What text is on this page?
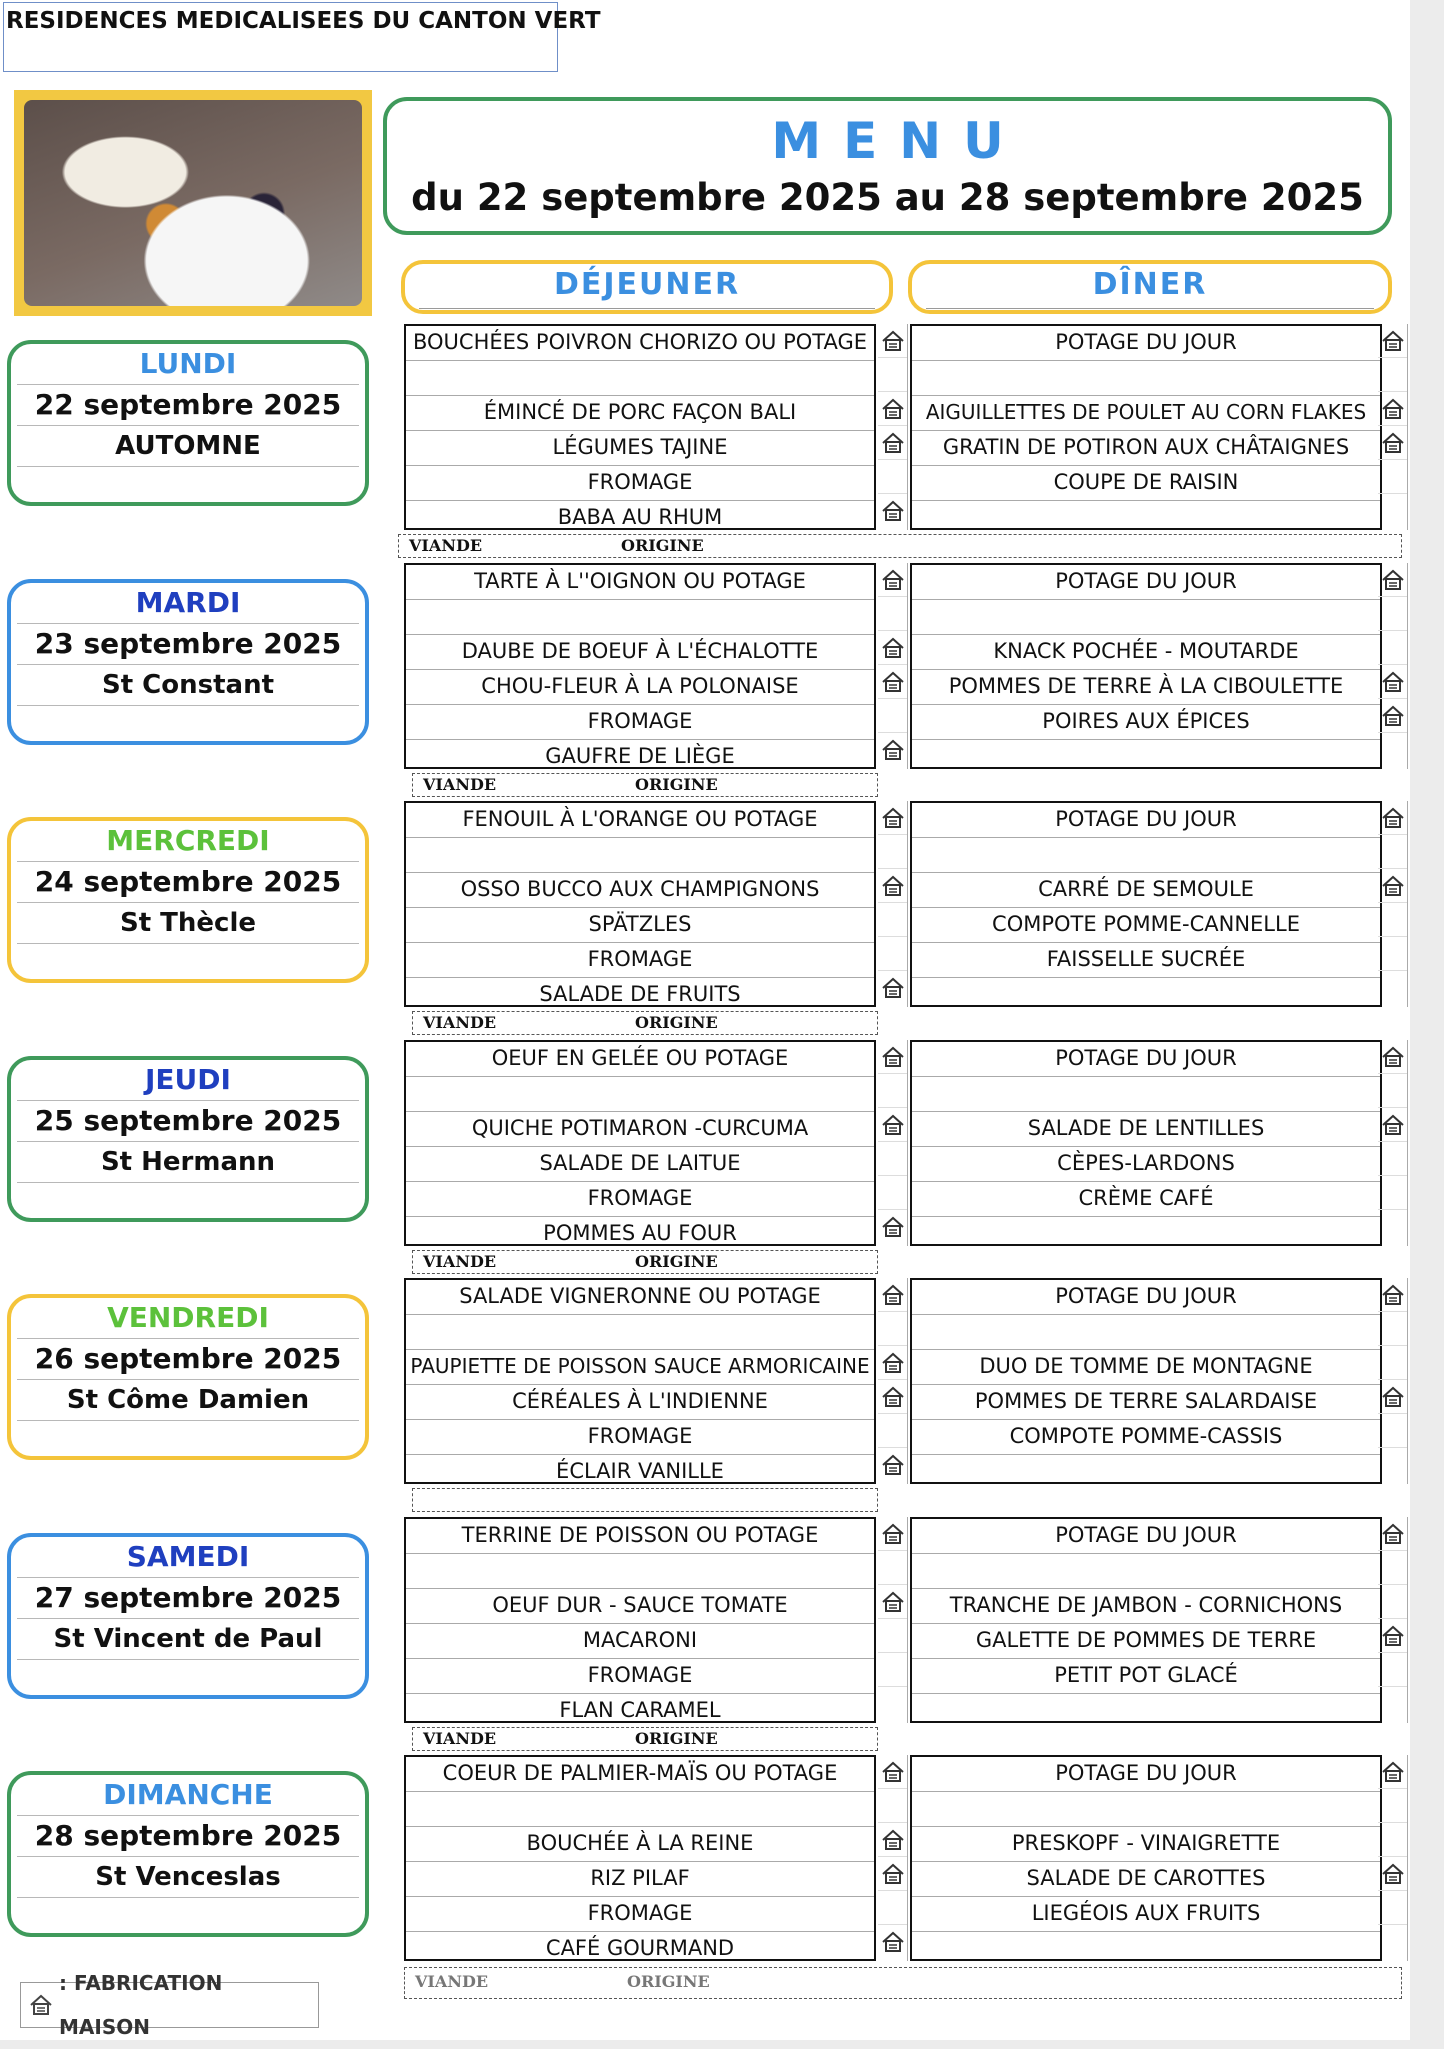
RESIDENCES MEDICALISEES DU CANTON VERT
MENU
du 22 septembre 2025 au 28 septembre 2025
DÉJEUNER	DÎNER
LUNDI
22 septembre 2025
AUTOMNE
BOUCHÉES POIVRON CHORIZO OU POTAGE
ÉMINCÉ DE PORC FAÇON BALI
LÉGUMES TAJINE
FROMAGE
BABA AU RHUM
POTAGE DU JOUR
AIGUILLETTES DE POULET AU CORN FLAKES
GRATIN DE POTIRON AUX CHÂTAIGNES
COUPE DE RAISIN
VIANDE	ORIGINE
MARDI
23 septembre 2025
St Constant
TARTE À L''OIGNON OU POTAGE
DAUBE DE BOEUF À L'ÉCHALOTTE
CHOU-FLEUR À LA POLONAISE
FROMAGE
GAUFRE DE LIÈGE
POTAGE DU JOUR
KNACK POCHÉE - MOUTARDE
POMMES DE TERRE À LA CIBOULETTE
POIRES AUX ÉPICES
VIANDE	ORIGINE
MERCREDI
24 septembre 2025
St Thècle
FENOUIL À L'ORANGE OU POTAGE
OSSO BUCCO AUX CHAMPIGNONS
SPÄTZLES
FROMAGE
SALADE DE FRUITS
POTAGE DU JOUR
CARRÉ DE SEMOULE
COMPOTE POMME-CANNELLE
FAISSELLE SUCRÉE
VIANDE	ORIGINE
JEUDI
25 septembre 2025
St Hermann
OEUF EN GELÉE OU POTAGE
QUICHE POTIMARON -CURCUMA
SALADE DE LAITUE
FROMAGE
POMMES AU FOUR
POTAGE DU JOUR
SALADE DE LENTILLES
CÈPES-LARDONS
CRÈME CAFÉ
VIANDE	ORIGINE
VENDREDI
26 septembre 2025
St Côme Damien
SALADE VIGNERONNE OU POTAGE
PAUPIETTE DE POISSON SAUCE ARMORICAINE
CÉRÉALES À L'INDIENNE
FROMAGE
ÉCLAIR VANILLE
POTAGE DU JOUR
DUO DE TOMME DE MONTAGNE
POMMES DE TERRE SALARDAISE
COMPOTE POMME-CASSIS
SAMEDI
27 septembre 2025
St Vincent de Paul
TERRINE DE POISSON OU POTAGE
OEUF DUR - SAUCE TOMATE
MACARONI
FROMAGE
FLAN CARAMEL
POTAGE DU JOUR
TRANCHE DE JAMBON - CORNICHONS
GALETTE DE POMMES DE TERRE
PETIT POT GLACÉ
VIANDE	ORIGINE
DIMANCHE
28 septembre 2025
St Venceslas
COEUR DE PALMIER-MAÏS OU POTAGE
BOUCHÉE À LA REINE
RIZ PILAF
FROMAGE
CAFÉ GOURMAND
POTAGE DU JOUR
PRESKOPF - VINAIGRETTE
SALADE DE CAROTTES
LIEGÉOIS AUX FRUITS
VIANDE	ORIGINE
: FABRICATION MAISON
